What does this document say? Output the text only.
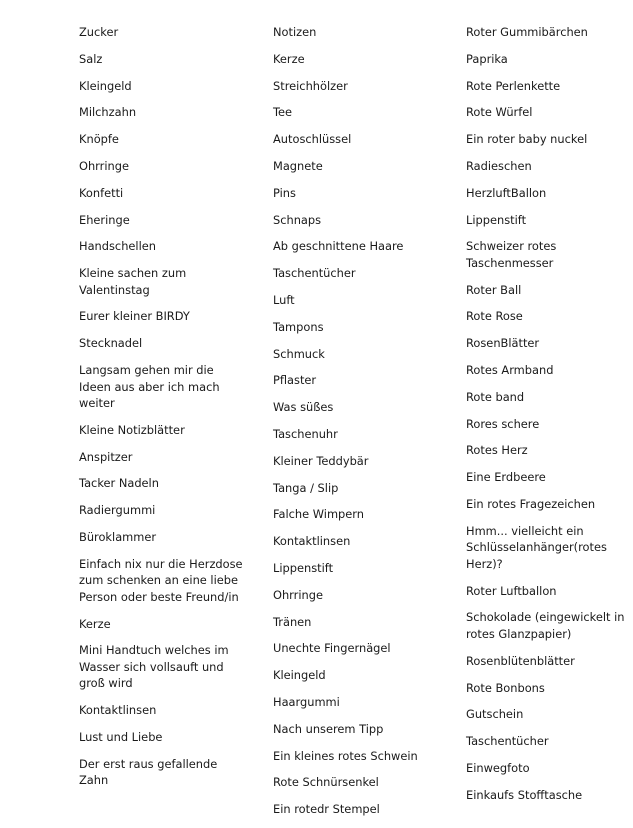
Zucker
Salz
Kleingeld
Milchzahn
Knöpfe
Ohrringe
Konfetti
Eheringe
Handschellen
Kleine sachen zum Valentinstag
Eurer kleiner BIRDY
Stecknadel
Langsam gehen mir die Ideen aus aber ich mach weiter
Kleine Notizblätter
Anspitzer
Tacker Nadeln
Radiergummi
Büroklammer
Einfach nix nur die Herzdose zum schenken an eine liebe Person oder beste Freund/in
Kerze
Mini Handtuch welches im Wasser sich vollsauft und groß wird
Kontaktlinsen
Lust und Liebe
Der erst raus gefallende Zahn
Notizen
Kerze
Streichhölzer
Tee
Autoschlüssel
Magnete
Pins
Schnaps
Ab geschnittene Haare
Taschentücher
Luft
Tampons
Schmuck
Pflaster
Was süßes
Taschenuhr
Kleiner Teddybär
Tanga / Slip
Falche Wimpern
Kontaktlinsen
Lippenstift
Ohrringe
Tränen
Unechte Fingernägel
Kleingeld
Haargummi
Nach unserem Tipp
Ein kleines rotes Schwein
Rote Schnürsenkel
Ein rotedr Stempel
Roter Gummibärchen
Paprika
Rote Perlenkette
Rote Würfel
Ein roter baby nuckel
Radieschen
HerzluftBallon
Lippenstift
Schweizer rotes Taschenmesser
Roter Ball
Rote Rose
RosenBlätter
Rotes Armband
Rote band
Rores schere
Rotes Herz
Eine Erdbeere
Ein rotes Fragezeichen
Hmm... vielleicht ein Schlüsselanhänger(rotes Herz)?
Roter Luftballon
Schokolade (eingewickelt in rotes Glanzpapier)
Rosenblütenblätter
Rote Bonbons
Gutschein
Taschentücher
Einwegfoto
Einkaufs Stofftasche
